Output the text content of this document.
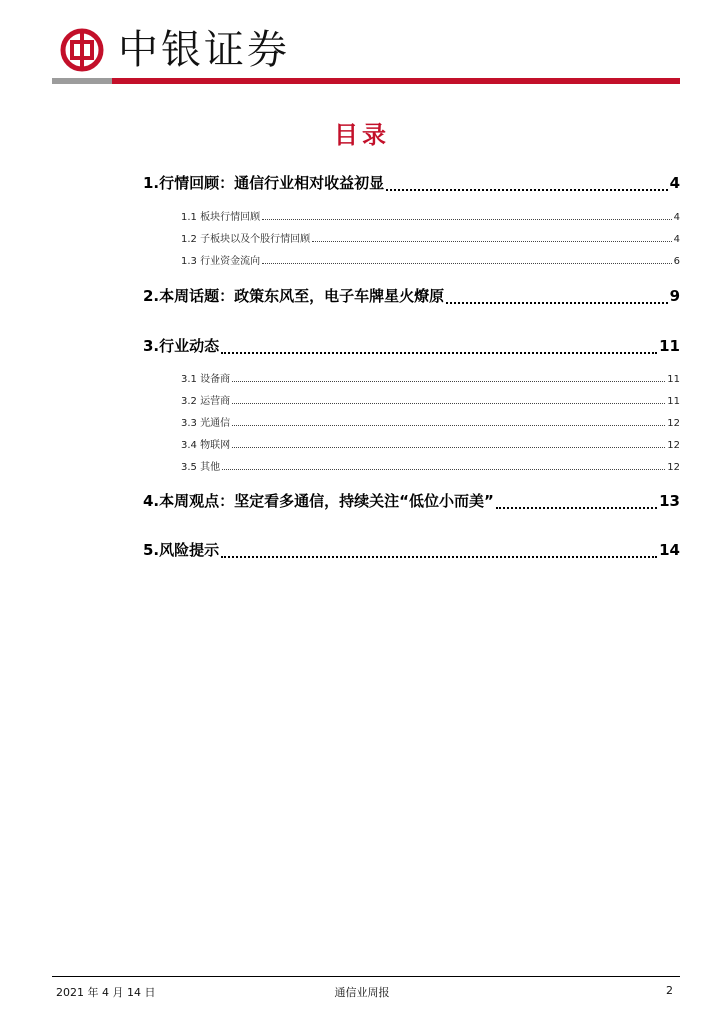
中银证券
目录
1.行情回顾：通信行业相对收益初显	4
1.1 板块行情回顾	4
1.2 子板块以及个股行情回顾	4
1.3 行业资金流向	6
2.本周话题：政策东风至，电子车牌星火燎原	9
3.行业动态	11
3.1 设备商	11
3.2 运营商	11
3.3 光通信	12
3.4 物联网	12
3.5 其他	12
4.本周观点：坚定看多通信，持续关注“低位小而美”	13
5.风险提示	14
2021 年 4 月 14 日	通信业周报	2
